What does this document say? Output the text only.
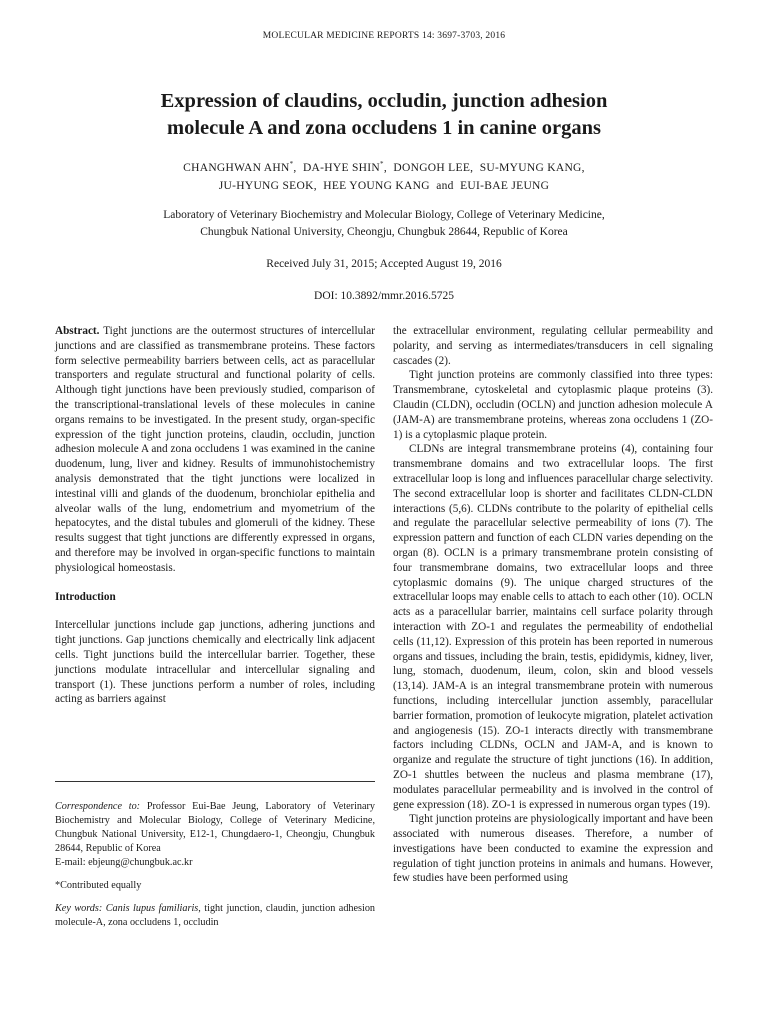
MOLECULAR MEDICINE REPORTS 14: 3697-3703, 2016
Expression of claudins, occludin, junction adhesion
molecule A and zona occludens 1 in canine organs
CHANGHWAN AHN*,  DA-HYE SHIN*,  DONGOH LEE,  SU-MYUNG KANG,
JU-HYUNG SEOK,  HEE YOUNG KANG and EUI-BAE JEUNG
Laboratory of Veterinary Biochemistry and Molecular Biology, College of Veterinary Medicine,
Chungbuk National University, Cheongju, Chungbuk 28644, Republic of Korea
Received July 31, 2015; Accepted August 19, 2016
DOI: 10.3892/mmr.2016.5725

Abstract. Tight junctions are the outermost structures of intercellular junctions and are classified as transmembrane proteins. These factors form selective permeability barriers between cells, act as paracellular transporters and regulate structural and functional polarity of cells. Although tight junctions have been previously studied, comparison of the transcriptional-translational levels of these molecules in canine organs remains to be investigated. In the present study, organ-specific expression of the tight junction proteins, claudin, occludin, junction adhesion molecule A and zona occludens 1 was examined in the canine duodenum, lung, liver and kidney. Results of immunohistochemistry analysis demonstrated that the tight junctions were localized in intestinal villi and glands of the duodenum, bronchiolar epithelia and alveolar walls of the lung, endometrium and myometrium of the hepatocytes, and the distal tubules and glomeruli of the kidney. These results suggest that tight junctions are differently expressed in organs, and therefore may be involved in organ-specific functions to maintain physiological homeostasis.

Introduction

Intercellular junctions include gap junctions, adhering junctions and tight junctions. Gap junctions chemically and electrically link adjacent cells. Tight junctions build the intercellular barrier. Together, these junctions modulate intracellular and intercellular signaling and transport (1). These junctions perform a number of roles, including acting as barriers against

the extracellular environment, regulating cellular permeability and polarity, and serving as intermediates/transducers in cell signaling cascades (2).

Tight junction proteins are commonly classified into three types: Transmembrane, cytoskeletal and cytoplasmic plaque proteins (3). Claudin (CLDN), occludin (OCLN) and junction adhesion molecule A (JAM-A) are transmembrane proteins, whereas zona occludens 1 (ZO-1) is a cytoplasmic plaque protein.

CLDNs are integral transmembrane proteins (4), containing four transmembrane domains and two extracellular loops. The first extracellular loop is long and influences paracellular charge selectivity. The second extracellular loop is shorter and facilitates CLDN-CLDN interactions (5,6). CLDNs contribute to the polarity of epithelial cells and regulate the paracellular selective permeability of ions (7). The expression pattern and function of each CLDN varies depending on the organ (8). OCLN is a primary transmembrane protein consisting of four transmembrane domains, two extracellular loops and three cytoplasmic domains (9). The unique charged structures of the extracellular loops may enable cells to attach to each other (10). OCLN acts as a paracellular barrier, maintains cell surface polarity through interaction with ZO-1 and regulates the permeability of endothelial cells (11,12). Expression of this protein has been reported in numerous organs and tissues, including the brain, testis, epididymis, kidney, liver, lung, stomach, duodenum, ileum, colon, skin and blood vessels (13,14). JAM-A is an integral transmembrane protein with numerous functions, including intercellular junction assembly, paracellular barrier formation, promotion of leukocyte migration, platelet activation and angiogenesis (15). ZO-1 interacts directly with transmembrane factors including CLDNs, OCLN and JAM-A, and is known to organize and regulate the structure of tight junctions (16). In addition, ZO-1 shuttles between the nucleus and plasma membrane (17), modulates paracellular permeability and is involved in the control of gene expression (18). ZO-1 is expressed in numerous organ types (19).

Tight junction proteins are physiologically important and have been associated with numerous diseases. Therefore, a number of investigations have been conducted to examine the expression and regulation of tight junction proteins in animals and humans. However, few studies have been performed using

Correspondence to: Professor Eui-Bae Jeung, Laboratory of Veterinary Biochemistry and Molecular Biology, College of Veterinary Medicine, Chungbuk National University, E12-1, Chungdaero-1, Cheongju, Chungbuk 28644, Republic of Korea
E-mail: ebjeung@chungbuk.ac.kr

*Contributed equally

Key words: Canis lupus familiaris, tight junction, claudin, junction adhesion molecule-A, zona occludens 1, occludin
